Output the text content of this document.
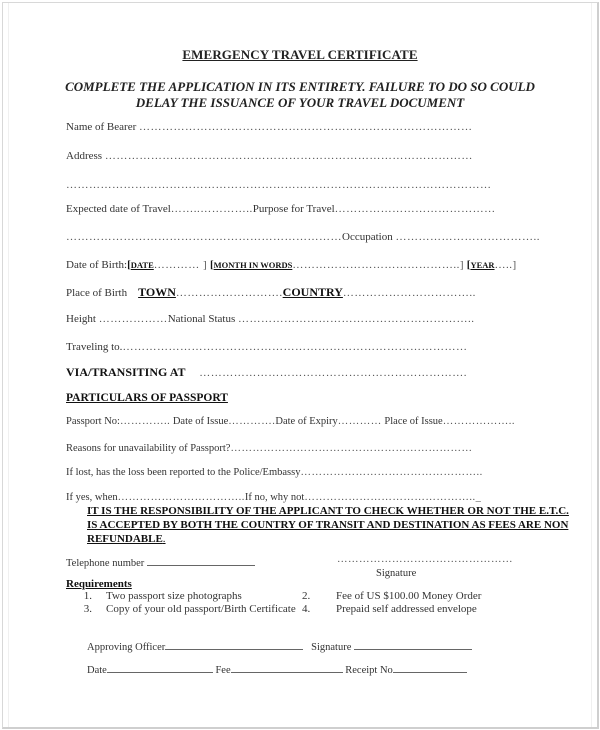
EMERGENCY TRAVEL CERTIFICATE
COMPLETE THE APPLICATION IN ITS ENTIRETY. FAILURE TO DO SO COULD
DELAY THE ISSUANCE OF YOUR TRAVEL DOCUMENT
Name of Bearer ……………………………………………………………………………
Address ……………………………………………………………………………………
…………………………………………………………………………………………………
Expected date of Travel……..…………..Purpose for Travel……………………………………
………………………………………………………………Occupation ………………………………..
Date of Birth:[DATE………… ] [MONTH IN WORDS……………………………………..] [YEAR…..]
Place of Birth TOWN……………………….COUNTRY……………………………..
Height ………………National Status ……………………………………………………..
Traveling to.………………………………………………………………………………
VIA/TRANSITING AT …………………………………………………………….
PARTICULARS OF PASSPORT
Passport No:………….. Date of Issue………….Date of Expiry………… Place of Issue………………..
Reasons for unavailability of Passport?…………………………………………………………
If lost, has the loss been reported to the Police/Embassy…………………………………………..
If yes, when……………………………..If no, why not……………………………………….._
IT IS THE RESPONSIBILITY OF THE APPLICANT TO CHECK WHETHER OR NOT THE E.T.C.
IS ACCEPTED BY BOTH THE COUNTRY OF TRANSIT AND DESTINATION AS FEES ARE NON
REFUNDABLE.
Telephone number	…………………………………………
Signature
Requirements
1. Two passport size photographs	2. Fee of US $100.00 Money Order
3. Copy of your old passport/Birth Certificate 4. Prepaid self addressed envelope
Approving Officer	Signature
Date	Fee	Receipt No
